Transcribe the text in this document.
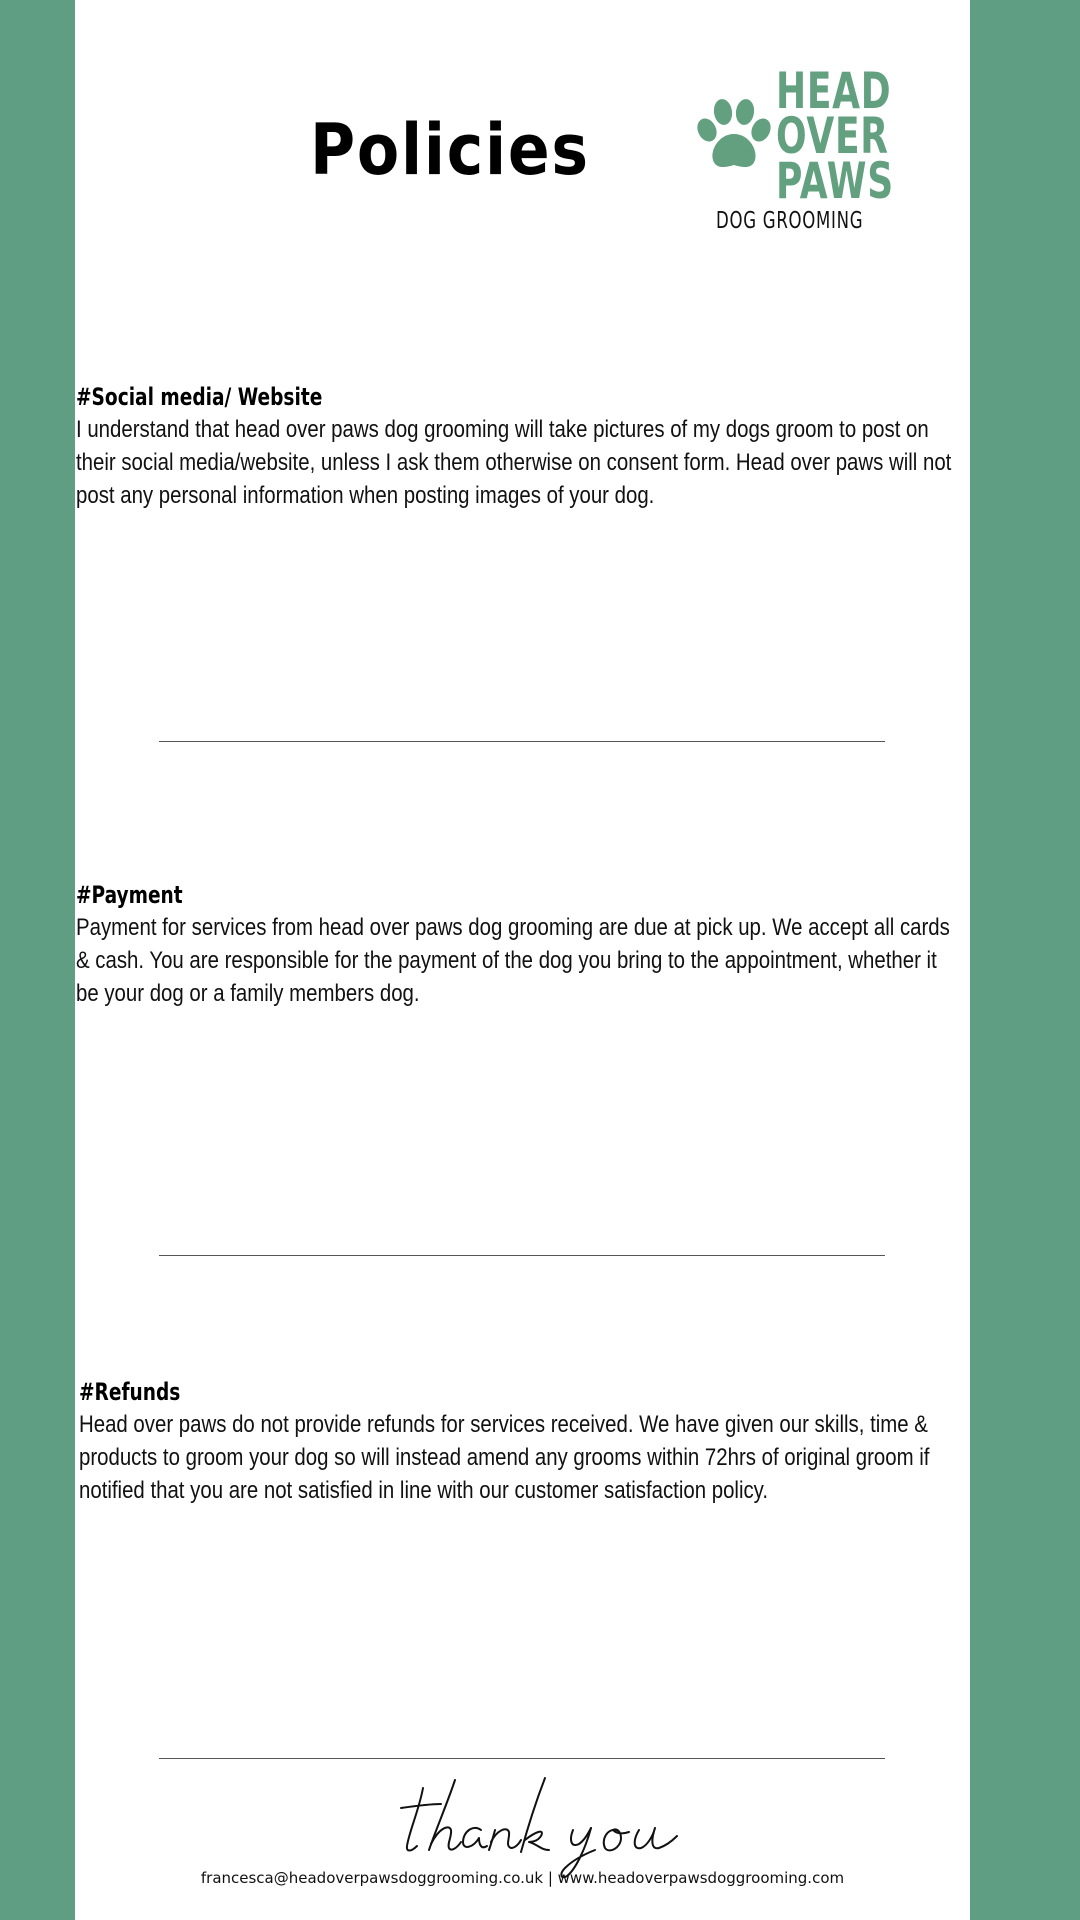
Policies
HEAD
OVER
PAWS
DOG GROOMING
#Social media/ Website

I understand that head over paws dog grooming will take pictures of my dogs groom to post on their social media/website, unless I ask them otherwise on consent form. Head over paws will not post any personal information when posting images of your dog.

#Payment

Payment for services from head over paws dog grooming are due at pick up. We accept all cards & cash. You are responsible for the payment of the dog you bring to the appointment, whether it be your dog or a family members dog.

#Refunds

Head over paws do not provide refunds for services received. We have given our skills, time & products to groom your dog so will instead amend any grooms within 72hrs of original groom if notified that you are not satisfied in line with our customer satisfaction policy.

francesca@headoverpawsdoggrooming.co.uk | www.headoverpawsdoggrooming.com
